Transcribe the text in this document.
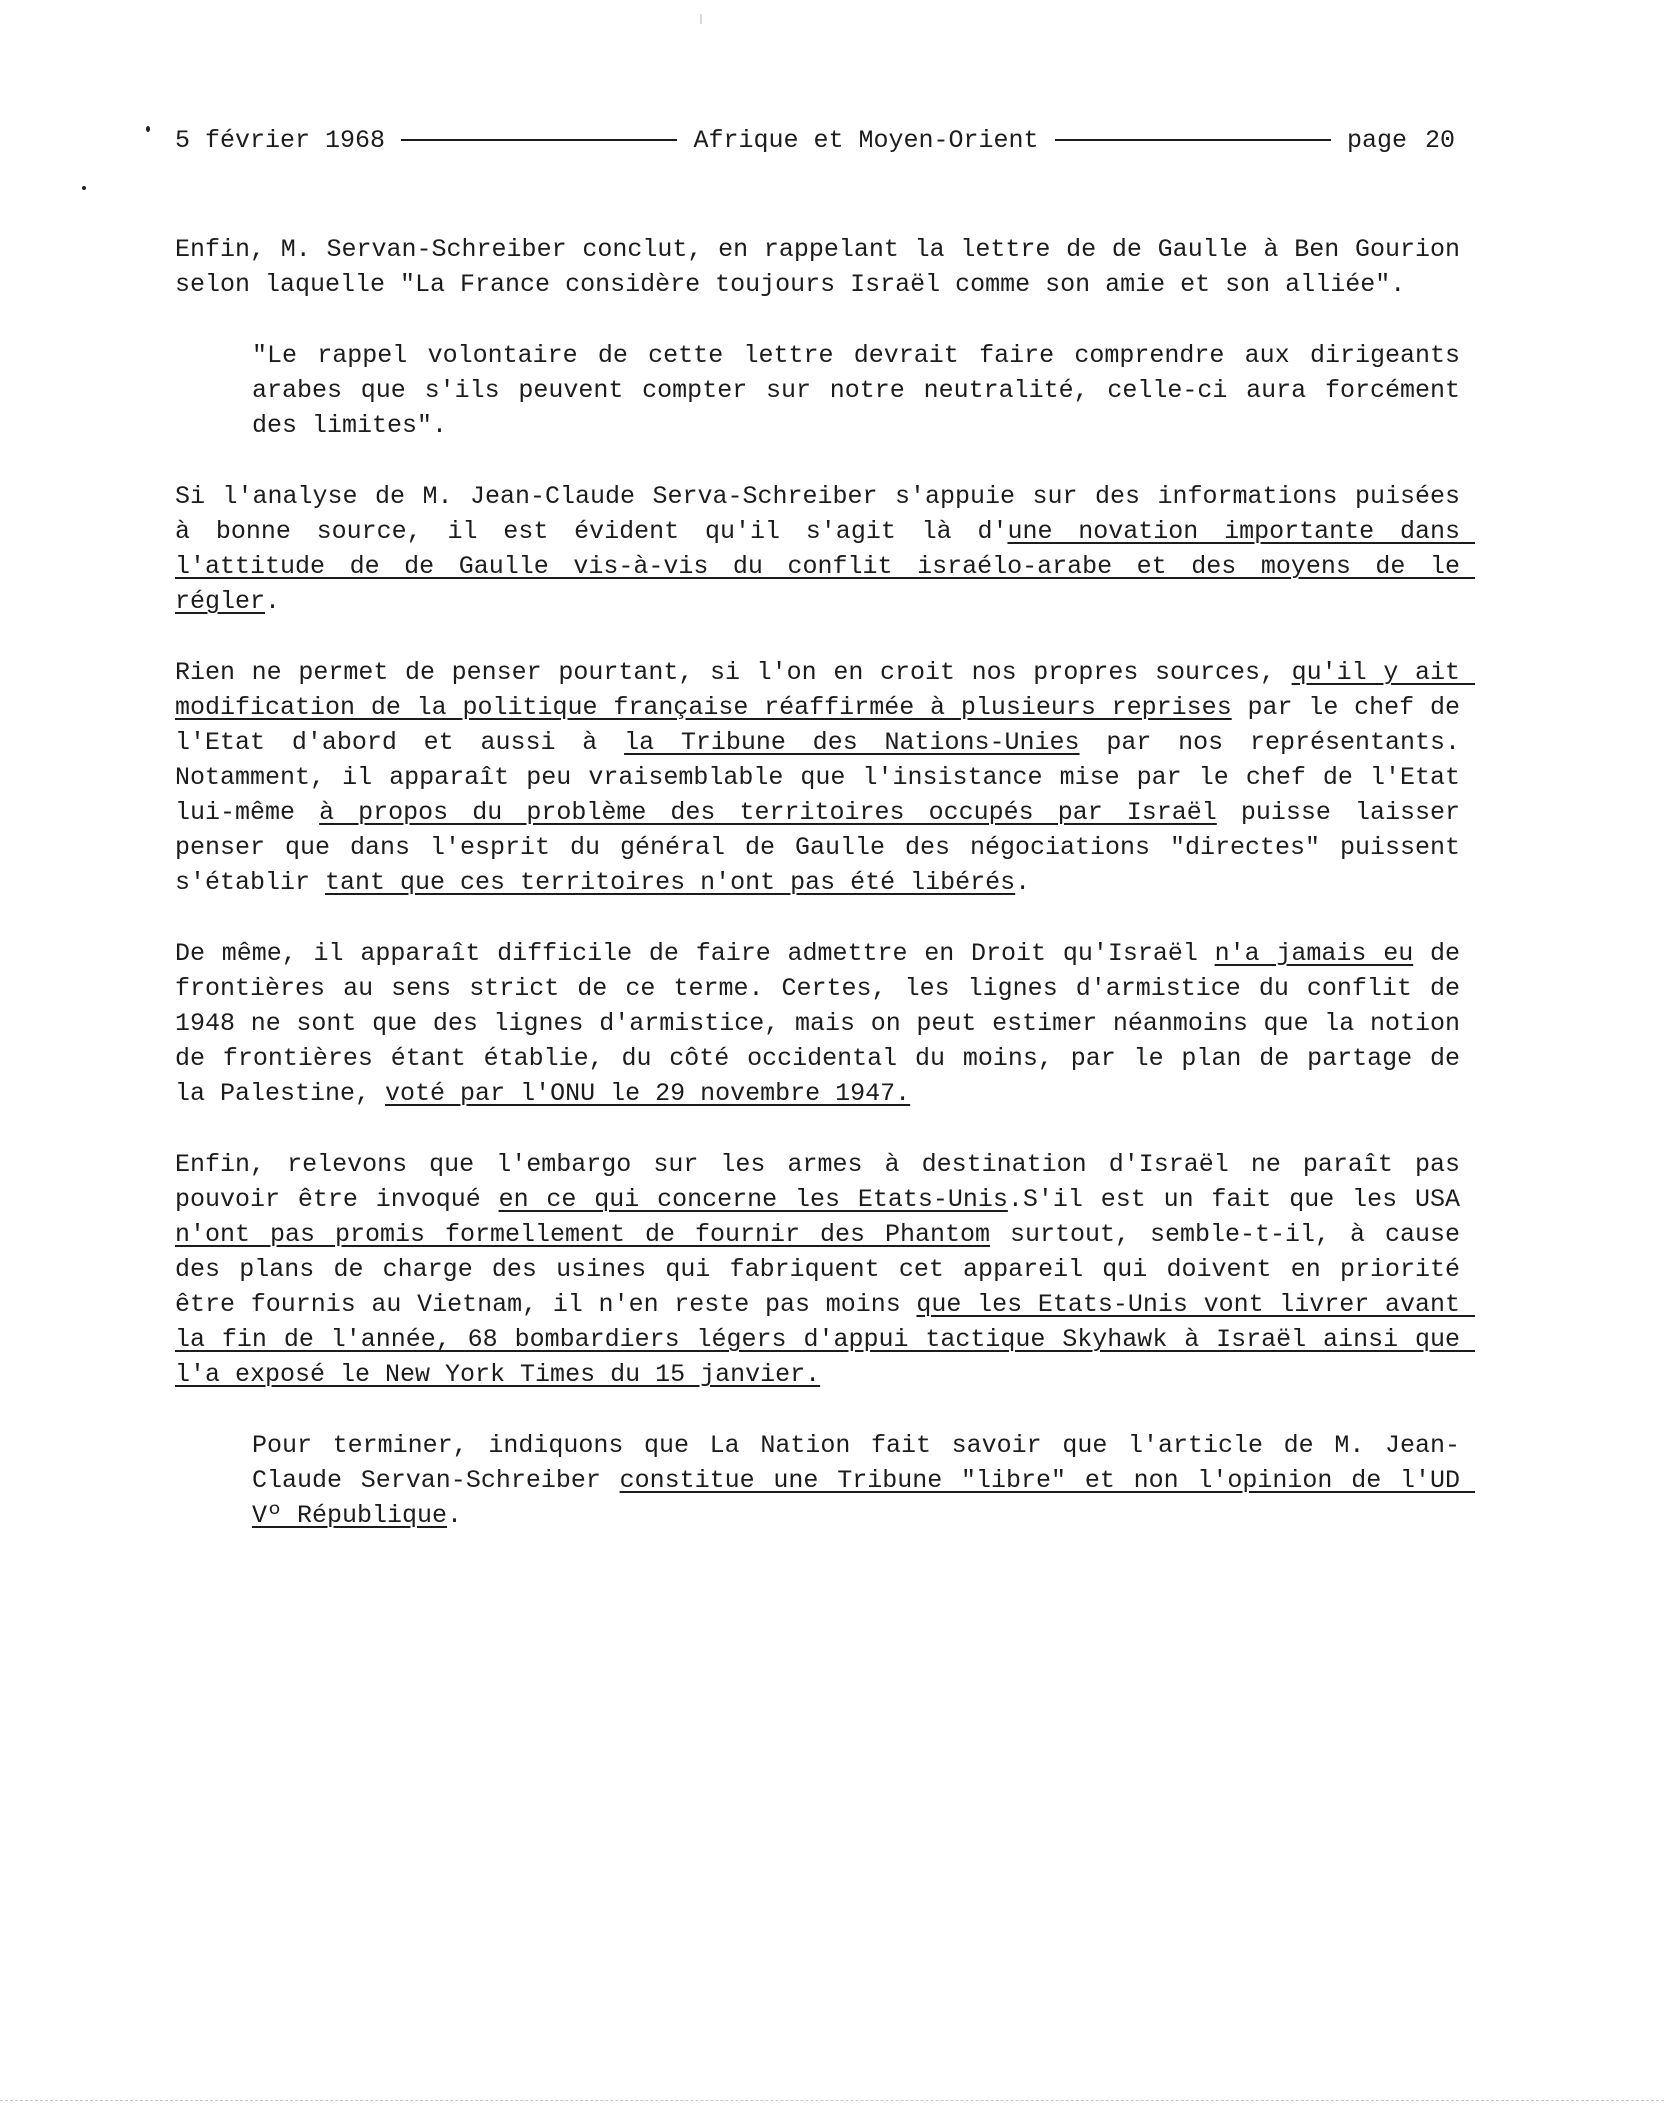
5 février 1968	Afrique et Moyen-Orient	page 20

Enfin, M. Servan-Schreiber conclut, en rappelant la lettre de de Gaulle à Ben Gourion selon laquelle "La France considère toujours Israël comme son amie et son alliée".

"Le rappel volontaire de cette lettre devrait faire comprendre aux dirigeants arabes que s'ils peuvent compter sur notre neutralité, celle-ci aura forcément des limites".

Si l'analyse de M. Jean-Claude Serva-Schreiber s'appuie sur des informations puisées à bonne source, il est évident qu'il s'agit là d'une novation importante dans l'attitude de de Gaulle vis-à-vis du conflit israélo-arabe et des moyens de le régler.

Rien ne permet de penser pourtant, si l'on en croit nos propres sources, qu'il y ait modification de la politique française réaffirmée à plusieurs reprises par le chef de l'Etat d'abord et aussi à la Tribune des Nations-Unies par nos représentants. Notamment, il apparaît peu vraisemblable que l'insistance mise par le chef de l'Etat lui-même à propos du problème des territoires occupés par Israël puisse laisser penser que dans l'esprit du général de Gaulle des négociations "directes" puissent s'établir tant que ces territoires n'ont pas été libérés.

De même, il apparaît difficile de faire admettre en Droit qu'Israël n'a jamais eu de frontières au sens strict de ce terme. Certes, les lignes d'armistice du conflit de 1948 ne sont que des lignes d'armistice, mais on peut estimer néanmoins que la notion de frontières étant établie, du côté occidental du moins, par le plan de partage de la Palestine, voté par l'ONU le 29 novembre 1947.

Enfin, relevons que l'embargo sur les armes à destination d'Israël ne paraît pas pouvoir être invoqué en ce qui concerne les Etats-Unis.S'il est un fait que les USA n'ont pas promis formellement de fournir des Phantom surtout, semble-t-il, à cause des plans de charge des usines qui fabriquent cet appareil qui doivent en priorité être fournis au Vietnam, il n'en reste pas moins que les Etats-Unis vont livrer avant la fin de l'année, 68 bombardiers légers d'appui tactique Skyhawk à Israël ainsi que l'a exposé le New York Times du 15 janvier.

Pour terminer, indiquons que La Nation fait savoir que l'article de M. Jean-Claude Servan-Schreiber constitue une Tribune "libre" et non l'opinion de l'UD Vº République.
